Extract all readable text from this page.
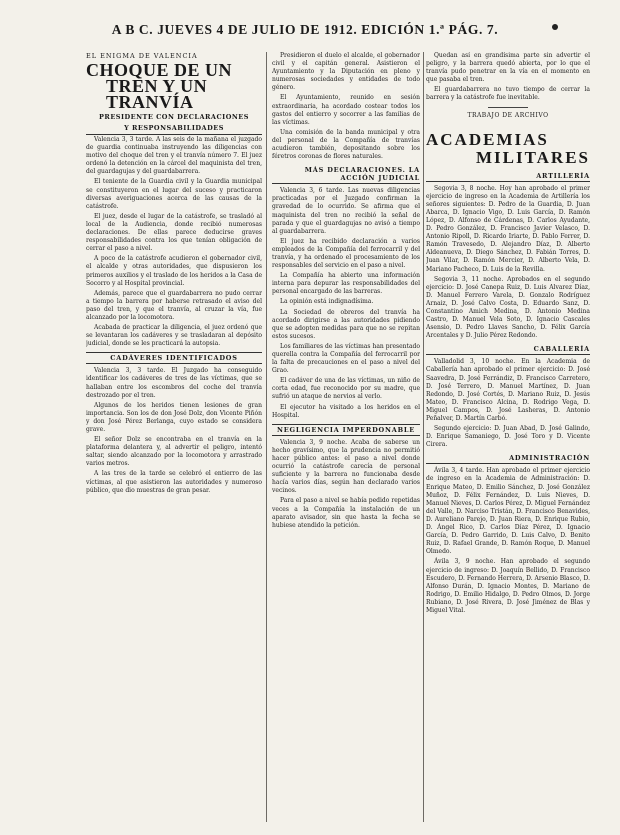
A B C. JUEVES 4 DE JULIO DE 1912. EDICIÓN 1.ª PÁG. 7.
EL ENIGMA DE VALENCIA
CHOQUE DE UN
TREN Y UN TRANVÍA
PRESIDENTE CON DECLARACIONES
Y RESPONSABILIDADES

Valencia 3, 3 tarde. A las seis de la mañana el juzgado de guardia continuaba instruyendo las diligencias con motivo del choque del tren y el tranvía número 7. El juez ordenó la detención en la cárcel del maquinista del tren, del guardagujas y del guardabarrera.

El teniente de la Guardia civil y la Guardia municipal se constituyeron en el lugar del suceso y practicaron diversas averiguaciones acerca de las causas de la catástrofe.

El juez, desde el lugar de la catástrofe, se trasladó al local de la Audiencia, donde recibió numerosas declaraciones. De ellas parece deducirse graves responsabilidades contra los que tenían obligación de cerrar el paso a nivel.

A poco de la catástrofe acudieron el gobernador civil, el alcalde y otras autoridades, que dispusieron los primeros auxilios y el traslado de los heridos a la Casa de Socorro y al Hospital provincial.

Además, parece que el guardabarrera no pudo cerrar a tiempo la barrera por haberse retrasado el aviso del paso del tren, y que el tranvía, al cruzar la vía, fue alcanzado por la locomotora.

Acabada de practicar la diligencia, el juez ordenó que se levantaran los cadáveres y se trasladaran al depósito judicial, donde se les practicará la autopsia.

CADÁVERES IDENTIFICADOS

Valencia 3, 3 tarde. El Juzgado ha conseguido identificar los cadáveres de tres de las víctimas, que se hallaban entre los escombros del coche del tranvía destrozado por el tren.

Algunos de los heridos tienen lesiones de gran importancia. Son los de don José Dolz, don Vicente Piñón y don José Pérez Berlanga, cuyo estado se considera grave.

El señor Dolz se encontraba en el tranvía en la plataforma delantera y, al advertir el peligro, intentó saltar, siendo alcanzado por la locomotora y arrastrado varios metros.

A las tres de la tarde se celebró el entierro de las víctimas, al que asistieron las autoridades y numeroso público, que dio muestras de gran pesar.

Presidieron el duelo el alcalde, el gobernador civil y el capitán general. Asistieron el Ayuntamiento y la Diputación en pleno y numerosas sociedades y entidades de todo género.

El Ayuntamiento, reunido en sesión extraordinaria, ha acordado costear todos los gastos del entierro y socorrer a las familias de las víctimas.

Una comisión de la banda municipal y otra del personal de la Compañía de tranvías acudieron también, depositando sobre los féretros coronas de flores naturales.

MÁS DECLARACIONES. LA ACCIÓN JUDICIAL

Valencia 3, 6 tarde. Las nuevas diligencias practicadas por el Juzgado confirman la gravedad de lo ocurrido. Se afirma que el maquinista del tren no recibió la señal de parada y que el guardagujas no avisó a tiempo al guardabarrera.

El juez ha recibido declaración a varios empleados de la Compañía del ferrocarril y del tranvía, y ha ordenado el procesamiento de los responsables del servicio en el paso a nivel.

La Compañía ha abierto una información interna para depurar las responsabilidades del personal encargado de las barreras.

La opinión está indignadísima.

La Sociedad de obreros del tranvía ha acordado dirigirse a las autoridades pidiendo que se adopten medidas para que no se repitan estos sucesos.

Los familiares de las víctimas han presentado querella contra la Compañía del ferrocarril por la falta de precauciones en el paso a nivel del Grao.

El cadáver de una de las víctimas, un niño de corta edad, fue reconocido por su madre, que sufrió un ataque de nervios al verlo.

El ejecutor ha visitado a los heridos en el Hospital.

NEGLIGENCIA IMPERDONABLE

Valencia 3, 9 noche. Acaba de saberse un hecho gravísimo, que la prudencia no permitió hacer público antes: el paso a nivel donde ocurrió la catástrofe carecía de personal suficiente y la barrera no funcionaba desde hacía varios días, según han declarado varios vecinos.

Para el paso a nivel se había pedido repetidas veces a la Compañía la instalación de un aparato avisador, sin que hasta la fecha se hubiese atendido la petición.

Quedan así en grandísima parte sin advertir el peligro, y la barrera quedó abierta, por lo que el tranvía pudo penetrar en la vía en el momento en que pasaba el tren.

El guardabarrera no tuvo tiempo de cerrar la barrera y la catástrofe fue inevitable.

TRABAJO DE ARCHIVO
ACADEMIAS
MILITARES
ARTILLERÍA

Segovia 3, 8 noche. Hoy han aprobado el primer ejercicio de ingreso en la Academia de Artillería los señores siguientes: D. Pedro de la Guardia, D. Juan Abarca, D. Ignacio Vigo, D. Luis García, D. Ramón López, D. Alfonso de Cárdenas, D. Carlos Ayudante, D. Pedro González, D. Francisco Javier Velasco, D. Antonio Ripoll, D. Ricardo Iriarte, D. Pablo Ferrer, D. Ramón Travesedo, D. Alejandro Díaz, D. Alberto Aldeanueva, D. Diego Sánchez, D. Fabián Torres, D. Juan Vilar, D. Ramón Mercier, D. Alberto Vela, D. Mariano Pacheco, D. Luis de la Revilla.

Segovia 3, 11 noche. Aprobados en el segundo ejercicio: D. José Canepa Ruiz, D. Luis Alvarez Díaz, D. Manuel Ferrero Varela, D. Gonzalo Rodríguez Arnaiz, D. José Calvo Costa, D. Eduardo Sanz, D. Constantino Amich Medina, D. Antonio Medina Castro, D. Manuel Vela Soto, D. Ignacio Cascales Asensio, D. Pedro Llaves Sancho, D. Félix García Arcentales y D. Julio Pérez Redondo.

CABALLERÍA

Valladolid 3, 10 noche. En la Academia de Caballería han aprobado el primer ejercicio: D. José Saavedra, D. José Ferrándiz, D. Francisco Carretero, D. José Terrero, D. Manuel Martínez, D. Juan Redondo, D. José Cortés, D. Mariano Ruiz, D. Jesús Mateo, D. Francisco Alcina, D. Rodrigo Vega, D. Miguel Campos, D. José Lasheras, D. Antonio Peñalver, D. Martín Carbó.

Segundo ejercicio: D. Juan Abad, D. José Galindo, D. Enrique Samaniego, D. José Toro y D. Vicente Cirera.

ADMINISTRACIÓN

Ávila 3, 4 tarde. Han aprobado el primer ejercicio de ingreso en la Academia de Administración: D. Enrique Mateo, D. Emilio Sánchez, D. José González Muñoz, D. Félix Fernández, D. Luis Nieves, D. Manuel Nieves, D. Carlos Pérez, D. Miguel Fernández del Valle, D. Narciso Tristán, D. Francisco Benavides, D. Aureliano Parejo, D. Juan Riera, D. Enrique Rubio, D. Ángel Rico, D. Carlos Díaz Pérez, D. Ignacio García, D. Pedro Garrido, D. Luis Calvo, D. Benito Ruiz, D. Rafael Grande, D. Ramón Roque, D. Manuel Olmedo.

Ávila 3, 9 noche. Han aprobado el segundo ejercicio de ingreso: D. Joaquín Bellido, D. Francisco Escudero, D. Fernando Herrera, D. Arsenio Blasco, D. Alfonso Durán, D. Ignacio Montes, D. Mariano de Rodrigo, D. Emilio Hidalgo, D. Pedro Olmos, D. Jorge Rubiano, D. José Rivera, D. José Jiménez de Blas y Miguel Vital.
